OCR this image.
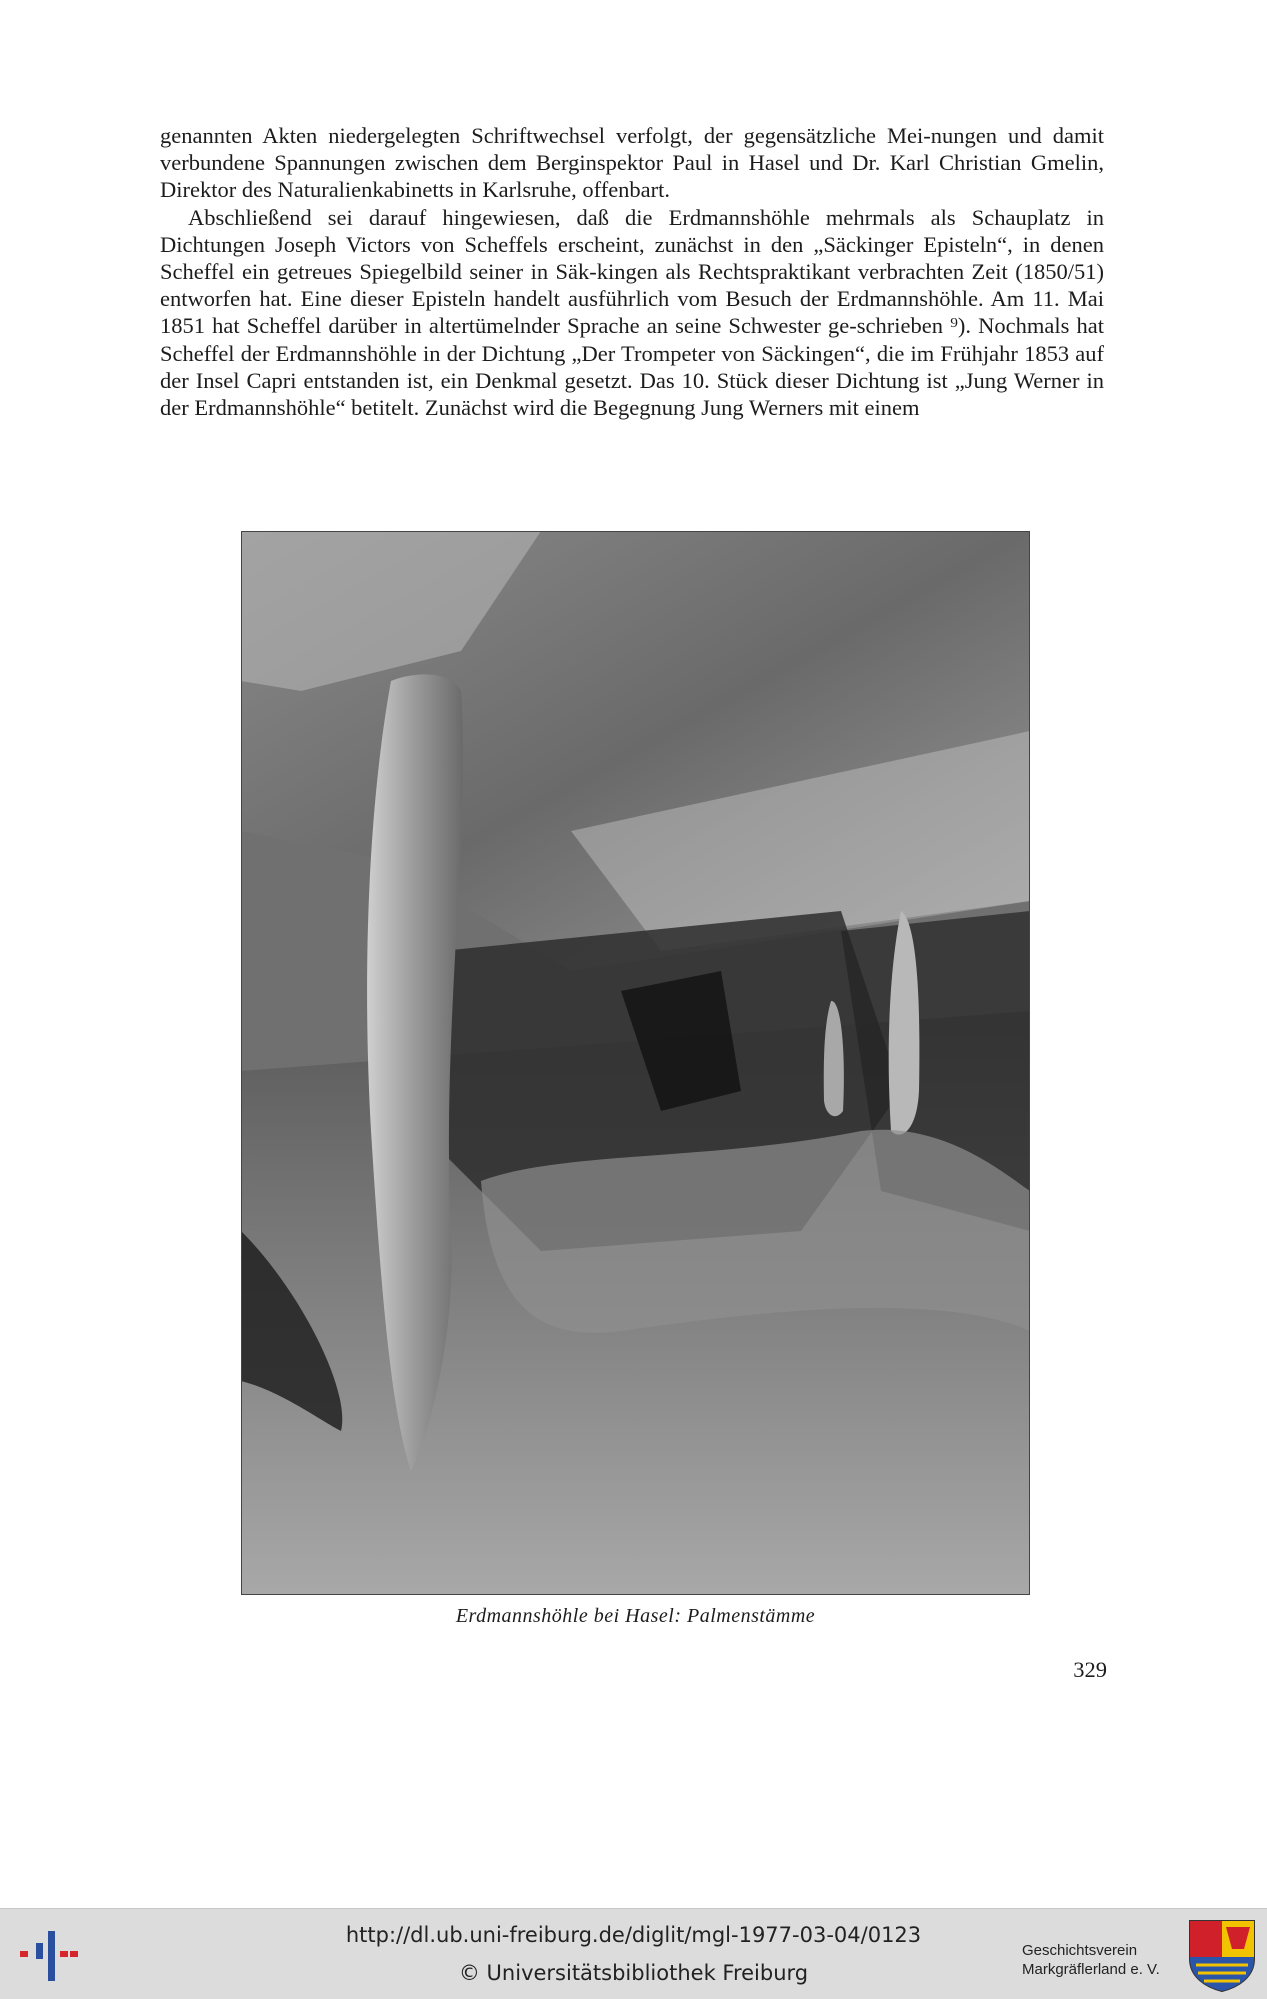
genannten Akten niedergelegten Schriftwechsel verfolgt, der gegensätzliche Mei-nungen und damit verbundene Spannungen zwischen dem Berginspektor Paul in Hasel und Dr. Karl Christian Gmelin, Direktor des Naturalienkabinetts in Karlsruhe, offenbart.

Abschließend sei darauf hingewiesen, daß die Erdmannshöhle mehrmals als Schauplatz in Dichtungen Joseph Victors von Scheffels erscheint, zunächst in den „Säckinger Episteln“, in denen Scheffel ein getreues Spiegelbild seiner in Säk-kingen als Rechtspraktikant verbrachten Zeit (1850/51) entworfen hat. Eine dieser Episteln handelt ausführlich vom Besuch der Erdmannshöhle. Am 11. Mai 1851 hat Scheffel darüber in altertümelnder Sprache an seine Schwester ge-schrieben ⁹). Nochmals hat Scheffel der Erdmannshöhle in der Dichtung „Der Trompeter von Säckingen“, die im Frühjahr 1853 auf der Insel Capri entstanden ist, ein Denkmal gesetzt. Das 10. Stück dieser Dichtung ist „Jung Werner in der Erdmannshöhle“ betitelt. Zunächst wird die Begegnung Jung Werners mit einem

Erdmannshöhle bei Hasel: Palmenstämme
329
http://dl.ub.uni-freiburg.de/diglit/mgl-1977-03-04/0123
© Universitätsbibliothek Freiburg
Geschichtsverein
Markgräflerland e. V.
